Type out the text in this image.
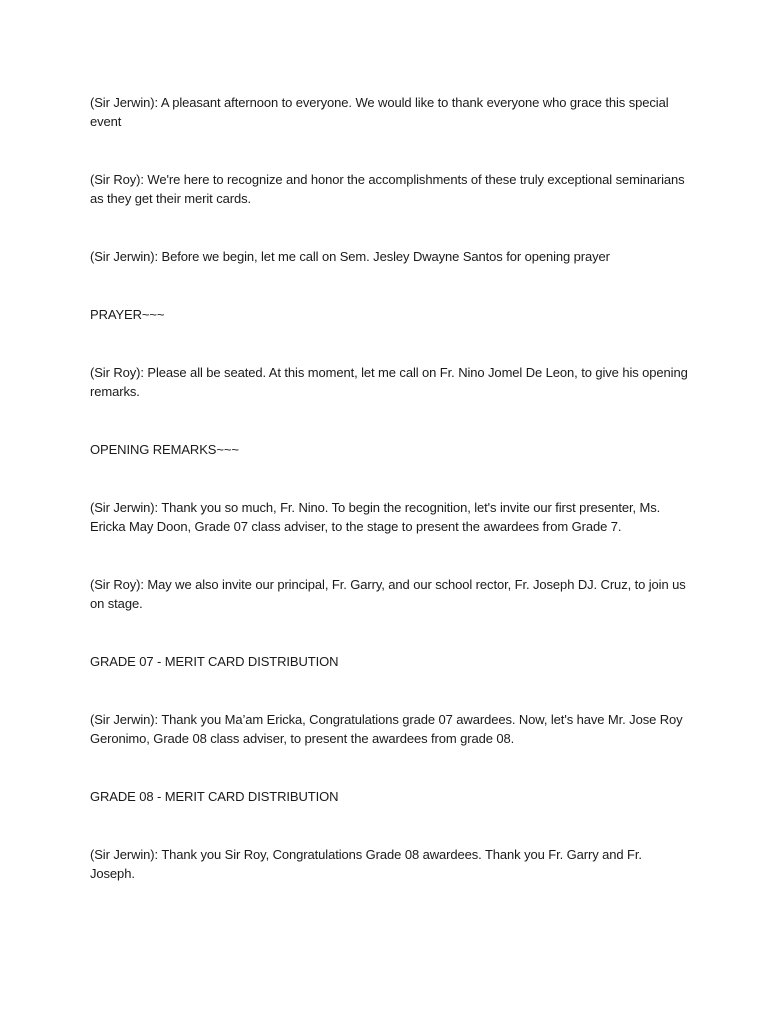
(Sir Jerwin): A pleasant afternoon to everyone. We would like to thank everyone who grace this special event

(Sir Roy): We're here to recognize and honor the accomplishments of these truly exceptional seminarians as they get their merit cards.

(Sir Jerwin): Before we begin, let me call on Sem. Jesley Dwayne Santos for opening prayer

PRAYER~~~

(Sir Roy): Please all be seated. At this moment, let me call on Fr. Nino Jomel De Leon, to give his opening remarks.

OPENING REMARKS~~~

(Sir Jerwin): Thank you so much, Fr. Nino. To begin the recognition, let's invite our first presenter, Ms. Ericka May Doon, Grade 07 class adviser, to the stage to present the awardees from Grade 7.

(Sir Roy): May we also invite our principal, Fr. Garry, and our school rector, Fr. Joseph DJ. Cruz, to join us on stage.

GRADE 07 - MERIT CARD DISTRIBUTION

(Sir Jerwin): Thank you Ma’am Ericka, Congratulations grade 07 awardees. Now, let's have Mr. Jose Roy Geronimo, Grade 08 class adviser, to present the awardees from grade 08.

GRADE 08 - MERIT CARD DISTRIBUTION

(Sir Jerwin): Thank you Sir Roy, Congratulations Grade 08 awardees. Thank you Fr. Garry and Fr. Joseph.
